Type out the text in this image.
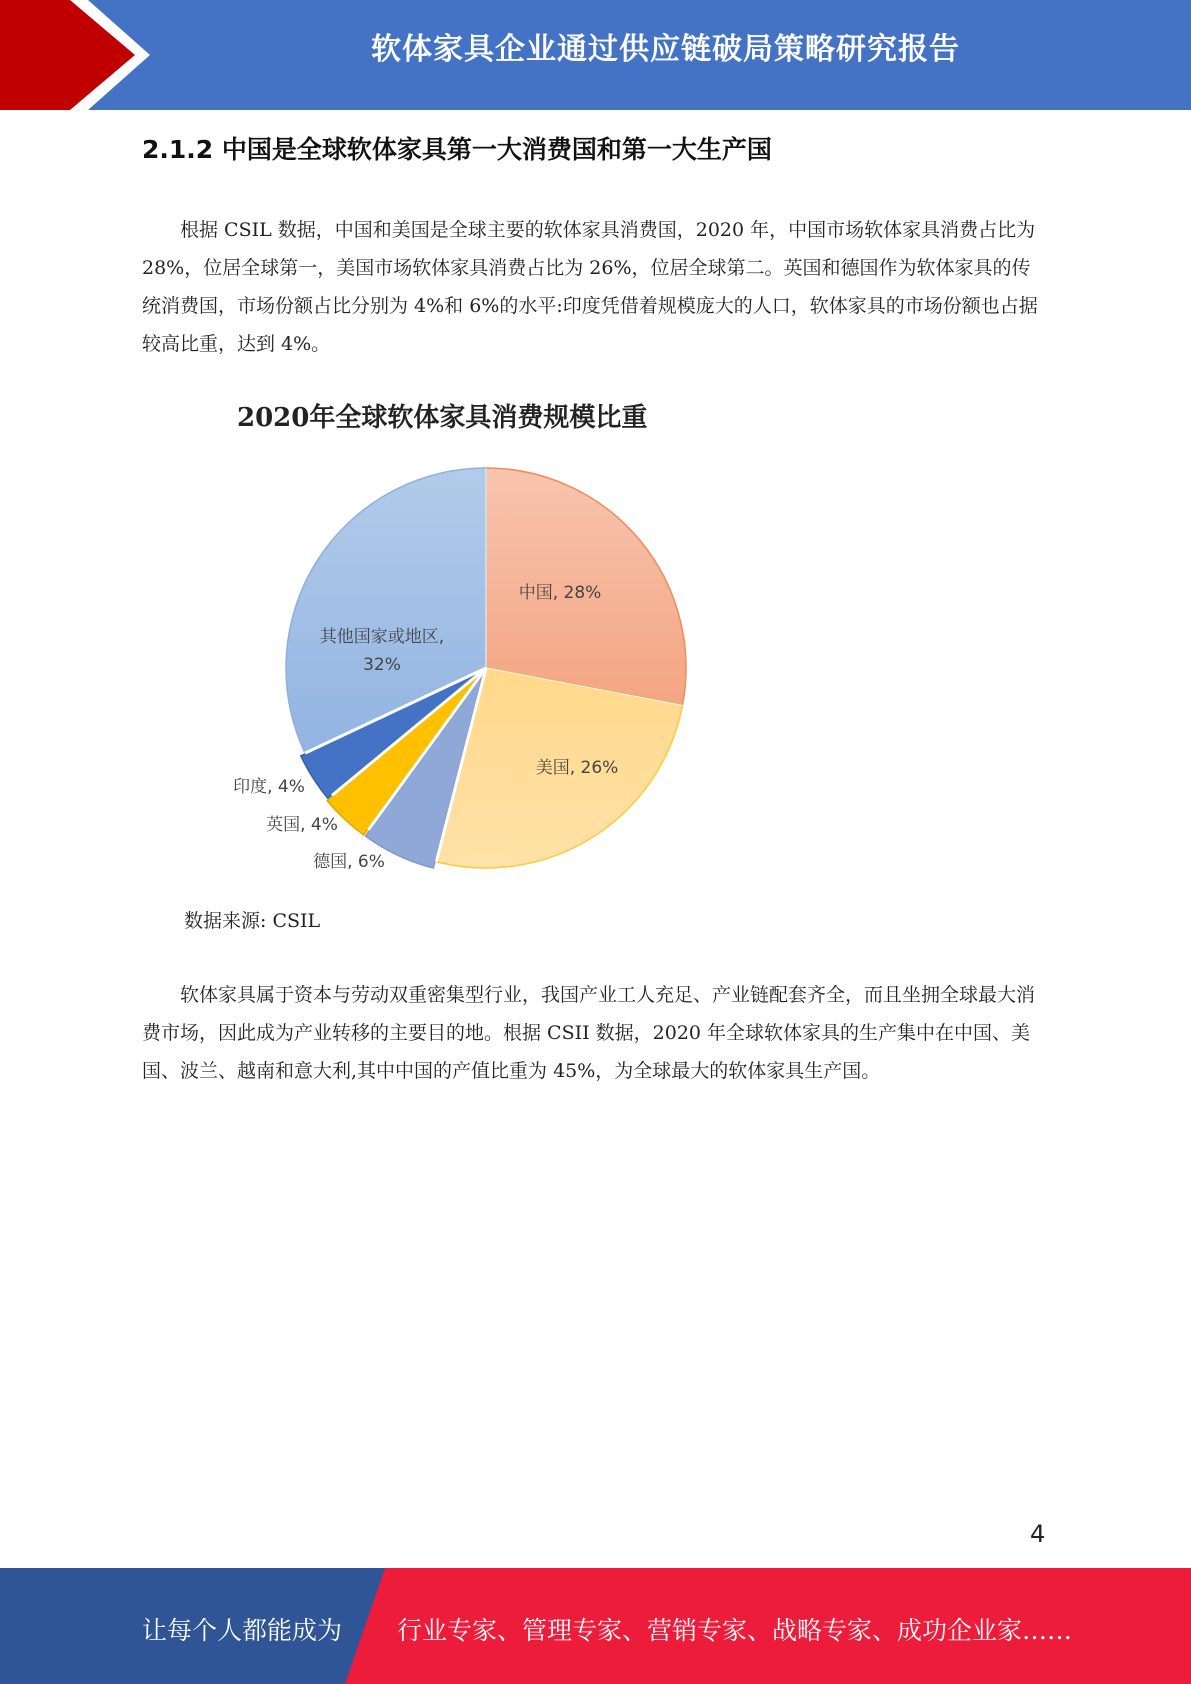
软体家具企业通过供应链破局策略研究报告
2.1.2 中国是全球软体家具第一大消费国和第一大生产国

根据 CSIL 数据，中国和美国是全球主要的软体家具消费国，2020 年，中国市场软体家具消费占比为 28%，位居全球第一，美国市场软体家具消费占比为 26%，位居全球第二。英国和德国作为软体家具的传统消费国，市场份额占比分别为 4%和 6%的水平:印度凭借着规模庞大的人口，软体家具的市场份额也占据较高比重，达到 4%。

2020年全球软体家具消费规模比重
中国, 28%
美国, 26%
德国, 6%
英国, 4%
印度, 4%
其他国家或地区,
32%
数据来源: CSIL

软体家具属于资本与劳动双重密集型行业，我国产业工人充足、产业链配套齐全，而且坐拥全球最大消费市场，因此成为产业转移的主要目的地。根据 CSII 数据，2020 年全球软体家具的生产集中在中国、美国、波兰、越南和意大利,其中中国的产值比重为 45%，为全球最大的软体家具生产国。

4
让每个人都能成为 行业专家、管理专家、营销专家、战略专家、成功企业家……
